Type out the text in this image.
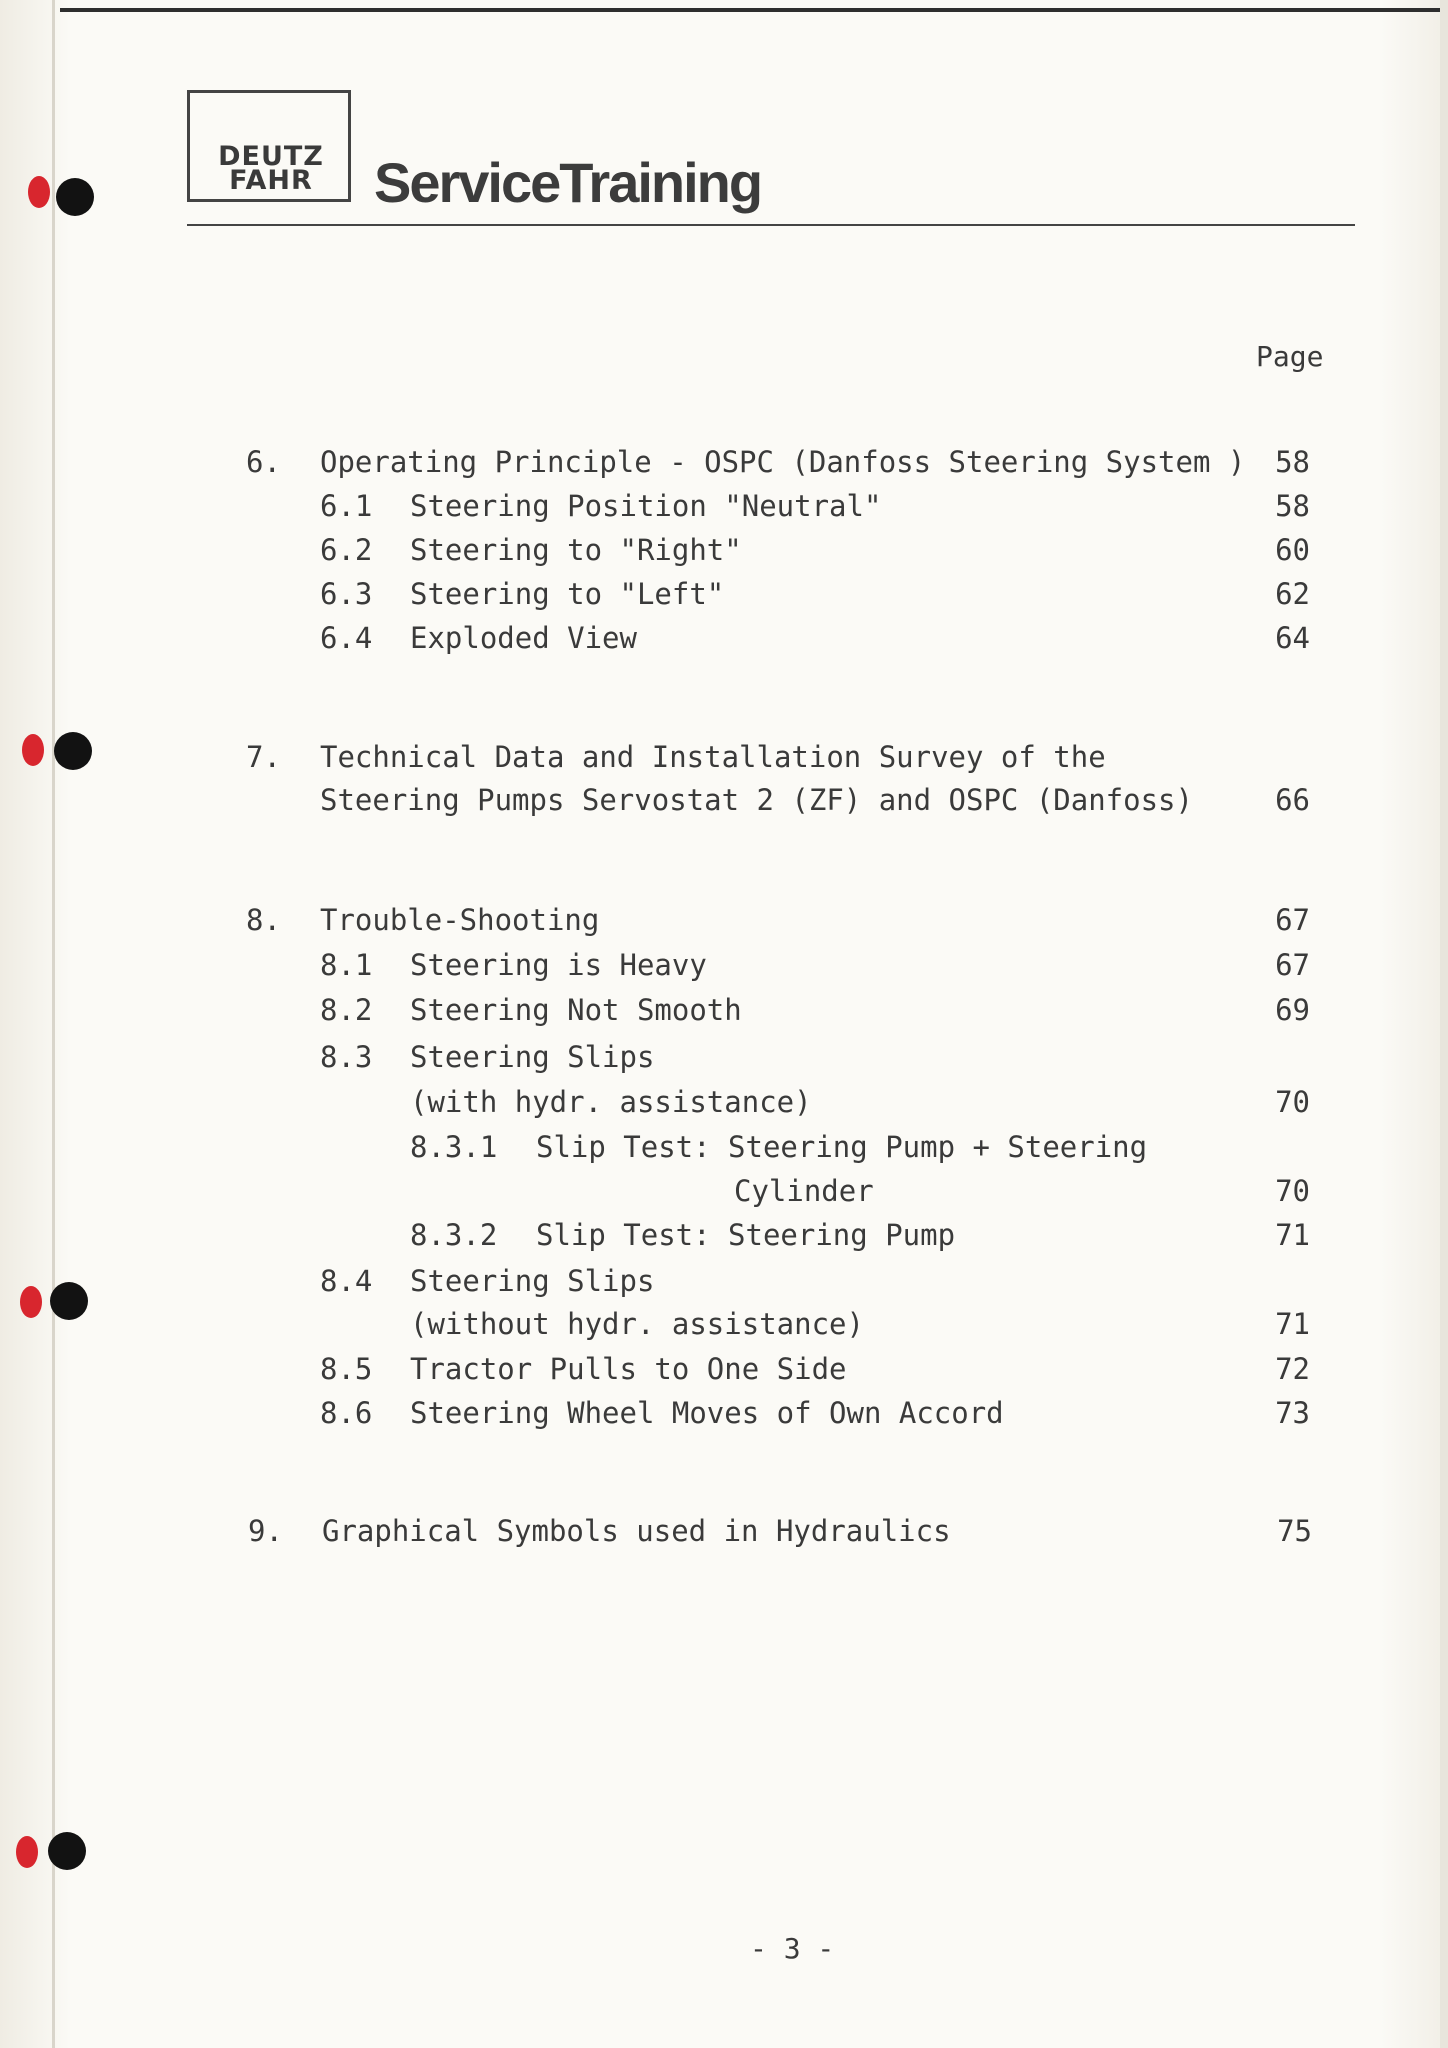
DEUTZ
FAHR	ServiceTraining
Page
6. Operating Principle - OSPC (Danfoss Steering System )	58
6.1 Steering Position "Neutral"	58
6.2 Steering to "Right"	60
6.3 Steering to "Left"	62
6.4 Exploded View	64
7. Technical Data and Installation Survey of the
Steering Pumps Servostat 2 (ZF) and OSPC (Danfoss)	66
8. Trouble-Shooting	67
8.1 Steering is Heavy	67
8.2 Steering Not Smooth	69
8.3 Steering Slips
(with hydr. assistance)	70
8.3.1 Slip Test: Steering Pump + Steering
Cylinder	70
8.3.2 Slip Test: Steering Pump	71
8.4 Steering Slips
(without hydr. assistance)	71
8.5 Tractor Pulls to One Side	72
8.6 Steering Wheel Moves of Own Accord	73
9. Graphical Symbols used in Hydraulics	75
- 3 -
